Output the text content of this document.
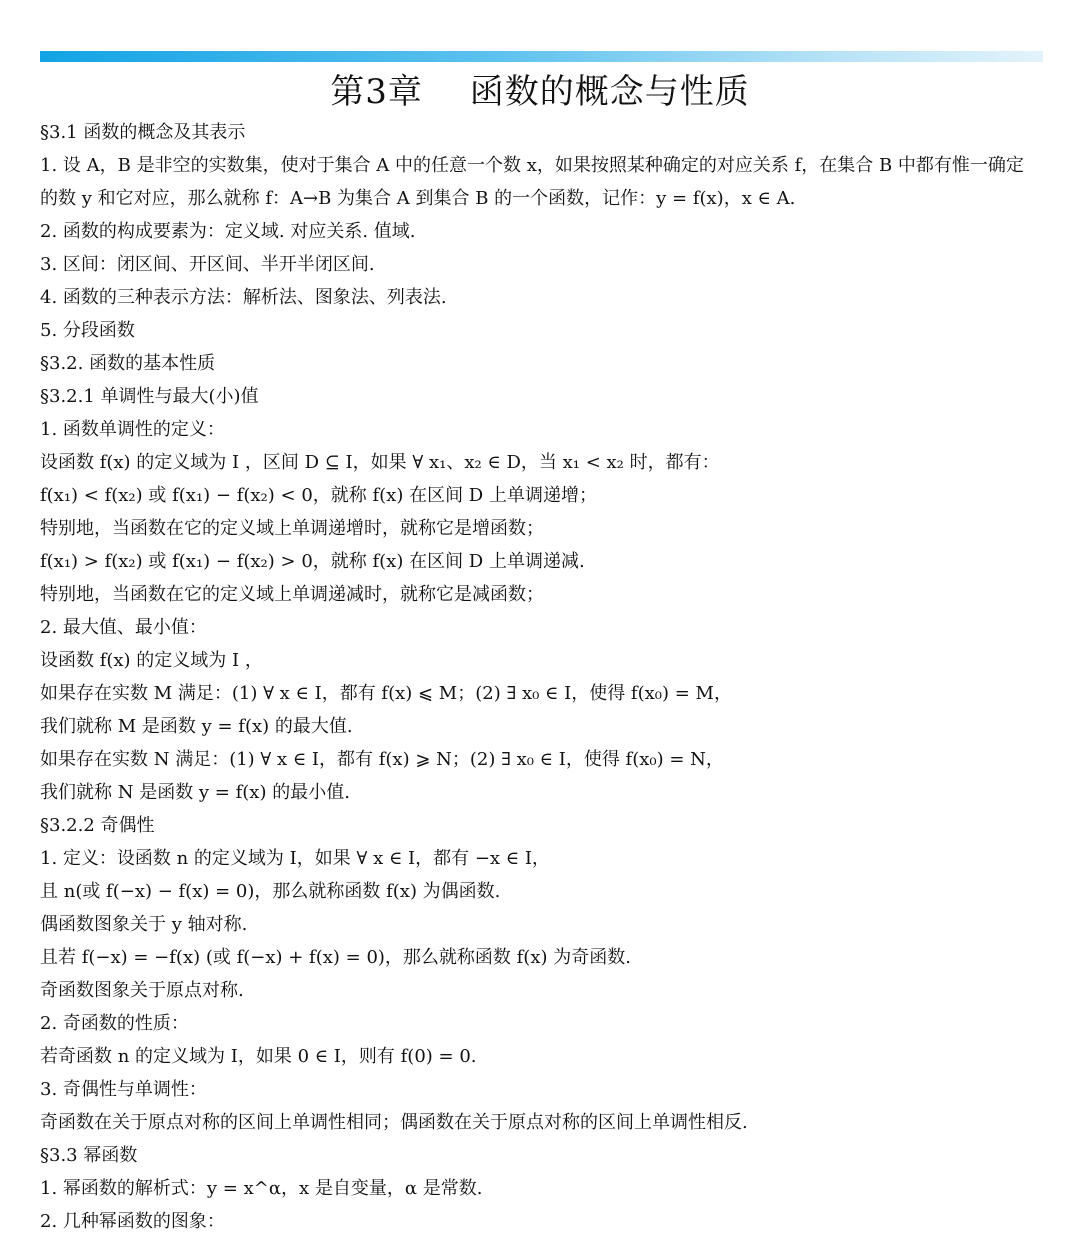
第3章　 函数的概念与性质
§3.1 函数的概念及其表示
1. 设 A，B 是非空的实数集，使对于集合 A 中的任意一个数 x，如果按照某种确定的对应关系 f，在集合 B 中都有惟一确定
的数 y 和它对应，那么就称 f：A→B 为集合 A 到集合 B 的一个函数，记作：y = f(x)，x ∈ A.
2. 函数的构成要素为：定义域. 对应关系. 值域.
3. 区间：闭区间、开区间、半开半闭区间.
4. 函数的三种表示方法：解析法、图象法、列表法.
5. 分段函数
§3.2. 函数的基本性质
§3.2.1 单调性与最大(小)值
1. 函数单调性的定义：
设函数 f(x) 的定义域为 I ，区间 D ⊆ I，如果 ∀ x₁、x₂ ∈ D，当 x₁ < x₂ 时，都有：
f(x₁) < f(x₂) 或 f(x₁) − f(x₂) < 0，就称 f(x) 在区间 D 上单调递增；
特别地，当函数在它的定义域上单调递增时，就称它是增函数；
f(x₁) > f(x₂) 或 f(x₁) − f(x₂) > 0，就称 f(x) 在区间 D 上单调递减.
特别地，当函数在它的定义域上单调递减时，就称它是减函数；
2. 最大值、最小值：
设函数 f(x) 的定义域为 I ，
如果存在实数 M 满足：(1) ∀ x ∈ I，都有 f(x) ⩽ M；(2) ∃ x₀ ∈ I，使得 f(x₀) = M，
我们就称 M 是函数 y = f(x) 的最大值.
如果存在实数 N 满足：(1) ∀ x ∈ I，都有 f(x) ⩾ N；(2) ∃ x₀ ∈ I，使得 f(x₀) = N，
我们就称 N 是函数 y = f(x) 的最小值.
§3.2.2 奇偶性
1. 定义：设函数 n 的定义域为 I，如果 ∀ x ∈ I，都有 −x ∈ I，
且 n(或 f(−x) − f(x) = 0)，那么就称函数 f(x) 为偶函数.
偶函数图象关于 y 轴对称.
且若 f(−x) = −f(x) (或 f(−x) + f(x) = 0)，那么就称函数 f(x) 为奇函数.
奇函数图象关于原点对称.
2. 奇函数的性质：
若奇函数 n 的定义域为 I，如果 0 ∈ I，则有 f(0) = 0.
3. 奇偶性与单调性：
奇函数在关于原点对称的区间上单调性相同；偶函数在关于原点对称的区间上单调性相反.
§3.3 幂函数
1. 幂函数的解析式：y = x^α，x 是自变量，α 是常数.
2. 几种幂函数的图象：
